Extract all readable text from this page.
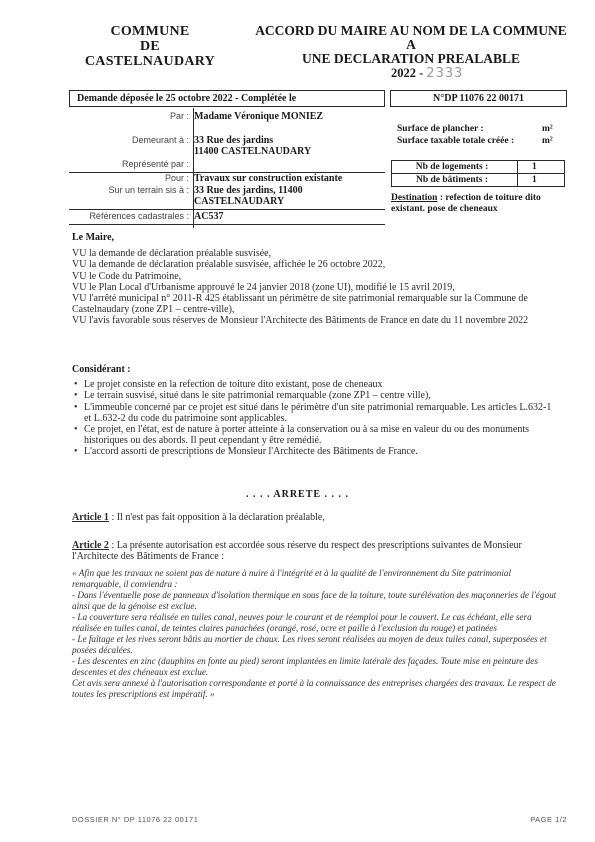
COMMUNE
DE
CASTELNAUDARY
ACCORD DU MAIRE AU NOM DE LA COMMUNE A
UNE DECLARATION PREALABLE
2022 - 2333
Demande déposée le 25 octobre 2022 - Complétée le	N°DP 11076 22 00171
Par : Madame Véronique MONIEZ
Demeurant à : 33 Rue des jardins
11400 CASTELNAUDARY
Représenté par :
Pour : Travaux sur construction existante
Sur un terrain sis à : 33 Rue des jardins, 11400
CASTELNAUDARY
Références cadastrales : AC537
Surface de plancher :	m²
Surface taxable totale créée :	m²
Nb de logements :	1
Nb de bâtiments :	1
Destination : refection de toiture dito existant. pose de cheneaux

Le Maire,

VU la demande de déclaration préalable susvisée,

VU la demande de déclaration préalable susvisée, affichée le 26 octobre 2022,

VU le Code du Patrimoine,

VU le Plan Local d'Urbanisme approuvé le 24 janvier 2018 (zone UI), modifié le 15 avril 2019,

VU l'arrêté municipal n° 2011-R 425 établissant un périmètre de site patrimonial remarquable sur la Commune de Castelnaudary (zone ZP1 – centre-ville),

VU l'avis favorable sous réserves de Monsieur l'Architecte des Bâtiments de France en date du 11 novembre 2022

Considérant :

• Le projet consiste en la refection de toiture dito existant, pose de cheneaux
• Le terrain susvisé, situé dans le site patrimonial remarquable (zone ZP1 – centre ville),
• L'immeuble concerné par ce projet est situé dans le périmètre d'un site patrimonial remarquable. Les articles L.632-1 et L.632-2 du code du patrimoine sont applicables.
• Ce projet, en l'état, est de nature à porter atteinte à la conservation ou à sa mise en valeur du ou des monuments historiques ou des abords. Il peut cependant y être remédié.
• L'accord assorti de prescriptions de Monsieur l'Architecte des Bâtiments de France.
. . . . ARRETE . . . .

Article 1 : Il n'est pas fait opposition à la déclaration préalable,

Article 2 : La présente autorisation est accordée sous réserve du respect des prescriptions suivantes de Monsieur l'Architecte des Bâtiments de France :

« Afin que les travaux ne soient pas de nature à nuire à l'intégrité et à la qualité de l'environnement du Site patrimonial remarquable, il conviendra :

- Dans l'éventuelle pose de panneaux d'isolation thermique en sous face de la toiture, toute surélévation des maçonneries de l'égout ainsi que de la génoise est exclue.

- La couverture sera réalisée en tuiles canal, neuves pour le courant et de réemploi pour le couvert. Le cas échéant, elle sera réalisée en tuiles canal, de teintes claires panachées (orangé, rosé, ocre et paille à l'exclusion du rouge) et patinées

- Le faîtage et les rives seront bâtis au mortier de chaux. Les rives seront réalisées au moyen de deux tuiles canal, superposées et posées décalées.

- Les descentes en zinc (dauphins en fonte au pied) seront implantées en limite latérale des façades. Toute mise en peinture des descentes et des chéneaux est exclue.

Cet avis sera annexé à l'autorisation correspondante et porté à la connaissance des entreprises chargées des travaux. Le respect de toutes les prescriptions est impératif. »

DOSSIER N° DP 11076 22 00171	PAGE 1/2
